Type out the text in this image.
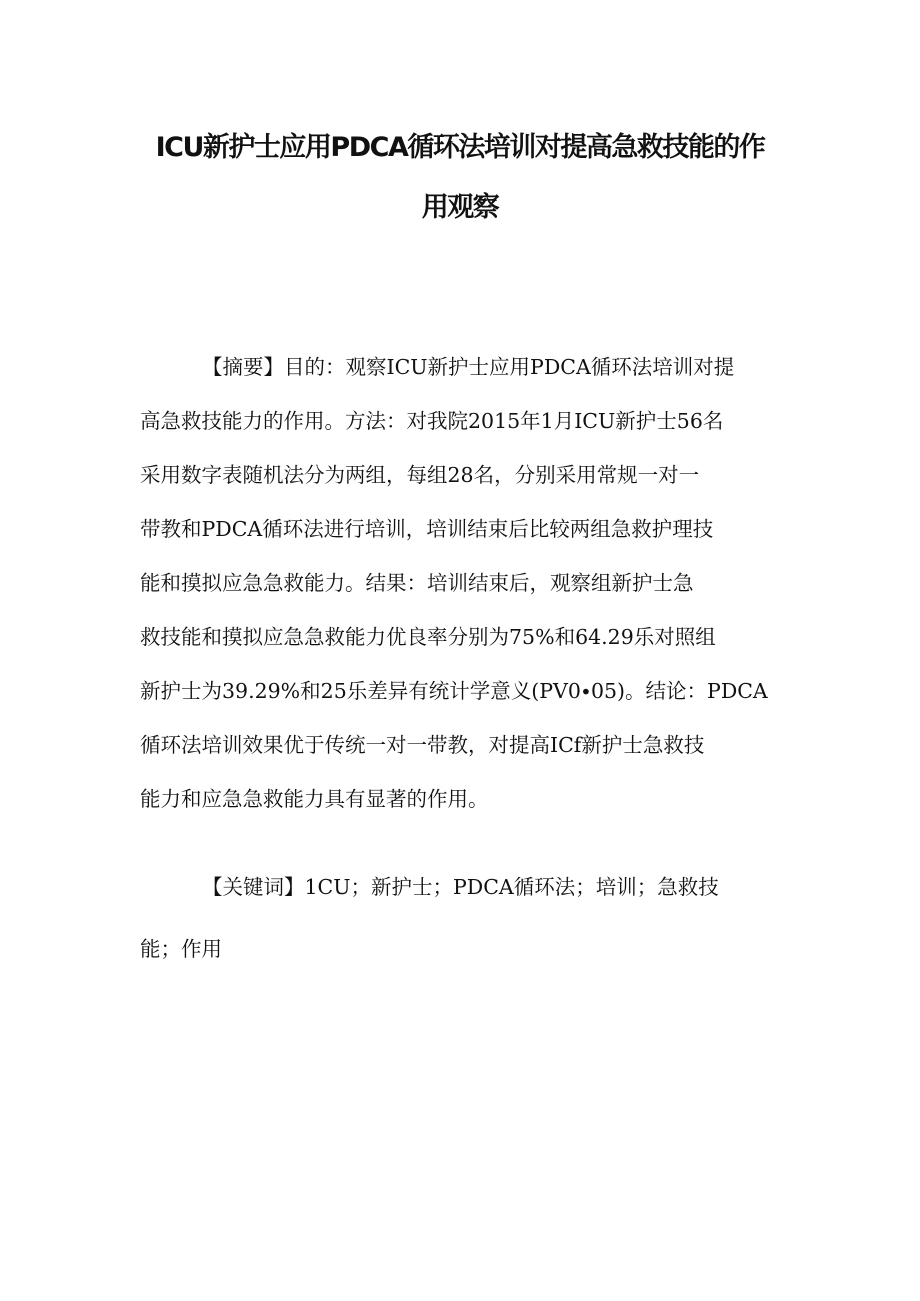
ICU新护士应用PDCA循环法培训对提高急救技能的作

用观察

【摘要】目的：观察ICU新护士应用PDCA循环法培训对提
高急救技能力的作用。方法：对我院2015年1月ICU新护士56名
采用数字表随机法分为两组，每组28名，分别采用常规一对一
带教和PDCA循环法进行培训，培训结束后比较两组急救护理技
能和摸拟应急急救能力。结果：培训结束后，观察组新护士急
救技能和摸拟应急急救能力优良率分别为75%和64.29乐对照组
新护士为39.29%和25乐差异有统计学意义(PV0∙05)。结论：PDCA
循环法培训效果优于传统一对一带教，对提高ICf新护士急救技
能力和应急急救能力具有显著的作用。
【关键词】1CU；新护士；PDCA循环法；培训；急救技
能；作用
